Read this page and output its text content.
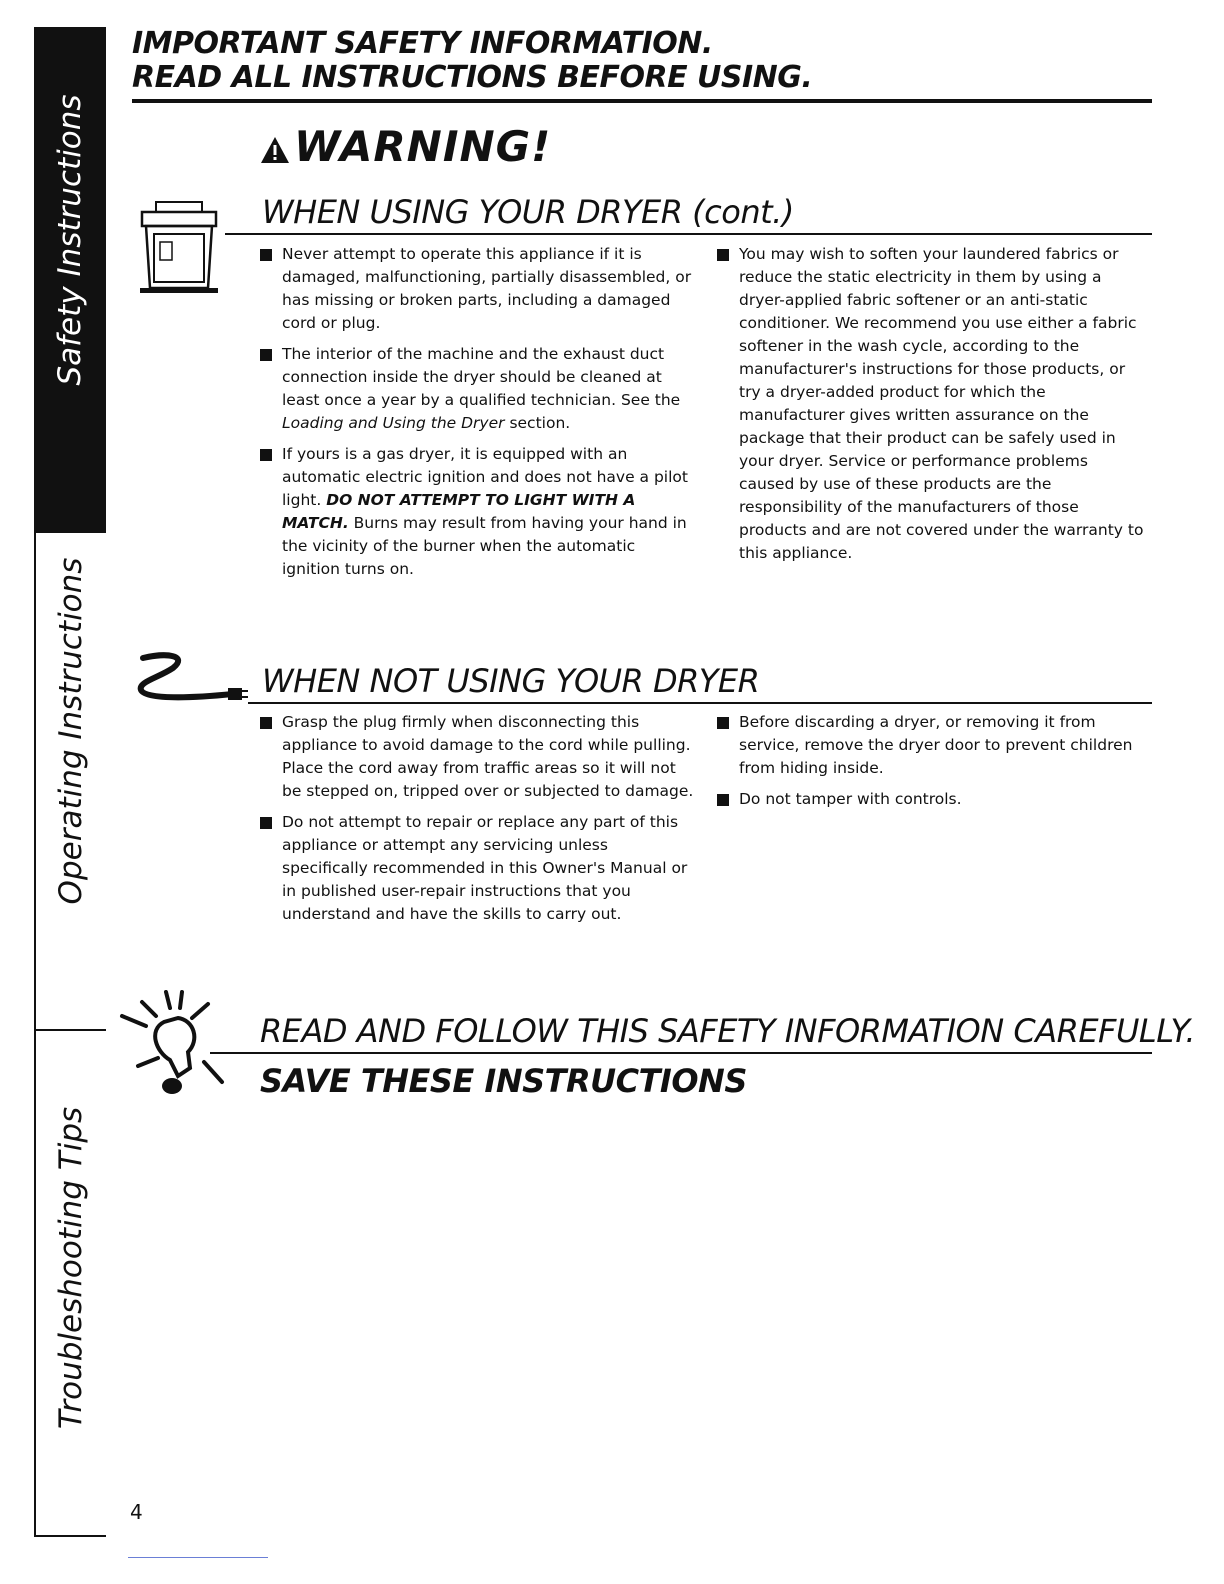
Safety Instructions
Operating Instructions
Troubleshooting Tips
IMPORTANT SAFETY INFORMATION.
READ ALL INSTRUCTIONS BEFORE USING.
WARNING!
WHEN USING YOUR DRYER (cont.)
Never attempt to operate this appliance if it is damaged, malfunctioning, partially disassembled, or has missing or broken parts, including a damaged cord or plug.
The interior of the machine and the exhaust duct connection inside the dryer should be cleaned at least once a year by a qualified technician. See the Loading and Using the Dryer section.
If yours is a gas dryer, it is equipped with an automatic electric ignition and does not have a pilot light. DO NOT ATTEMPT TO LIGHT WITH A MATCH. Burns may result from having your hand in the vicinity of the burner when the automatic ignition turns on.
You may wish to soften your laundered fabrics or reduce the static electricity in them by using a dryer-applied fabric softener or an anti-static conditioner. We recommend you use either a fabric softener in the wash cycle, according to the manufacturer's instructions for those products, or try a dryer-added product for which the manufacturer gives written assurance on the package that their product can be safely used in your dryer. Service or performance problems caused by use of these products are the responsibility of the manufacturers of those products and are not covered under the warranty to this appliance.
WHEN NOT USING YOUR DRYER
Grasp the plug firmly when disconnecting this appliance to avoid damage to the cord while pulling. Place the cord away from traffic areas so it will not be stepped on, tripped over or subjected to damage.
Do not attempt to repair or replace any part of this appliance or attempt any servicing unless specifically recommended in this Owner's Manual or in published user-repair instructions that you understand and have the skills to carry out.
Before discarding a dryer, or removing it from service, remove the dryer door to prevent children from hiding inside.
Do not tamper with controls.
READ AND FOLLOW THIS SAFETY INFORMATION CAREFULLY.
SAVE THESE INSTRUCTIONS
4
